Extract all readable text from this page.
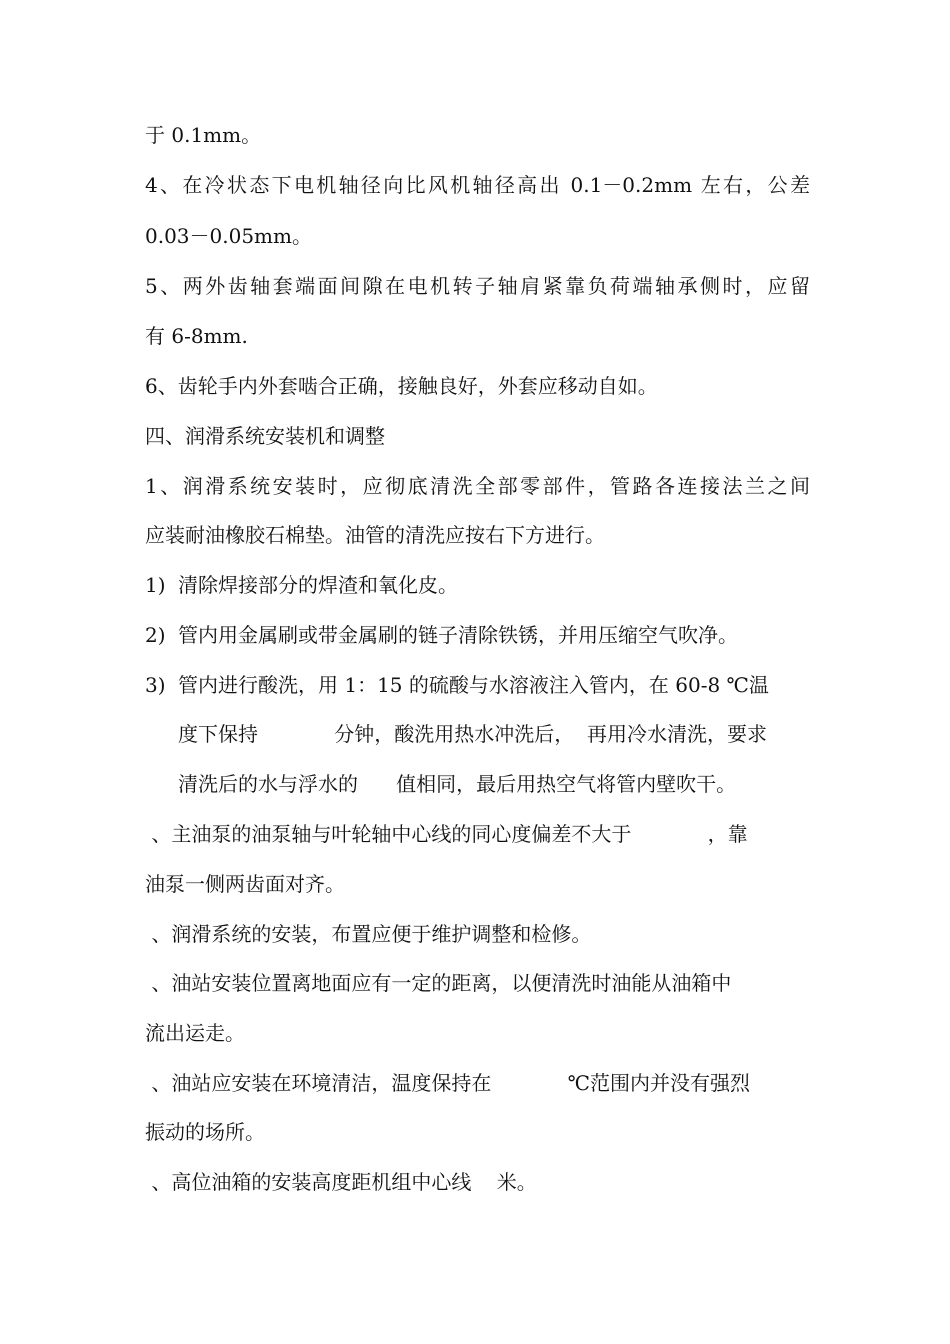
于 0.1mm。
4、在冷状态下电机轴径向比风机轴径高出 0.1－0.2mm 左右，公差
0.03－0.05mm。
5、两外齿轴套端面间隙在电机转子轴肩紧靠负荷端轴承侧时，应留
有 6-8mm.
6、齿轮手内外套啮合正确，接触良好，外套应移动自如。
四、润滑系统安装机和调整
1、润滑系统安装时，应彻底清洗全部零部件，管路各连接法兰之间
应装耐油橡胶石棉垫。油管的清洗应按右下方进行。
1) 清除焊接部分的焊渣和氧化皮。
2) 管内用金属刷或带金属刷的链子清除铁锈，并用压缩空气吹净。
3) 管内进行酸洗，用 1：15 的硫酸与水溶液注入管内，在 60-8 ℃温
度下保持            分钟，酸洗用热水冲洗后，  再用冷水清洗，要求
清洗后的水与浮水的      值相同，最后用热空气将管内壁吹干。
、主油泵的油泵轴与叶轮轴中心线的同心度偏差不大于            ，靠
油泵一侧两齿面对齐。
、润滑系统的安装，布置应便于维护调整和检修。
、油站安装位置离地面应有一定的距离，以便清洗时油能从油箱中
流出运走。
、油站应安装在环境清洁，温度保持在            ℃范围内并没有强烈
振动的场所。
、高位油箱的安装高度距机组中心线    米。
